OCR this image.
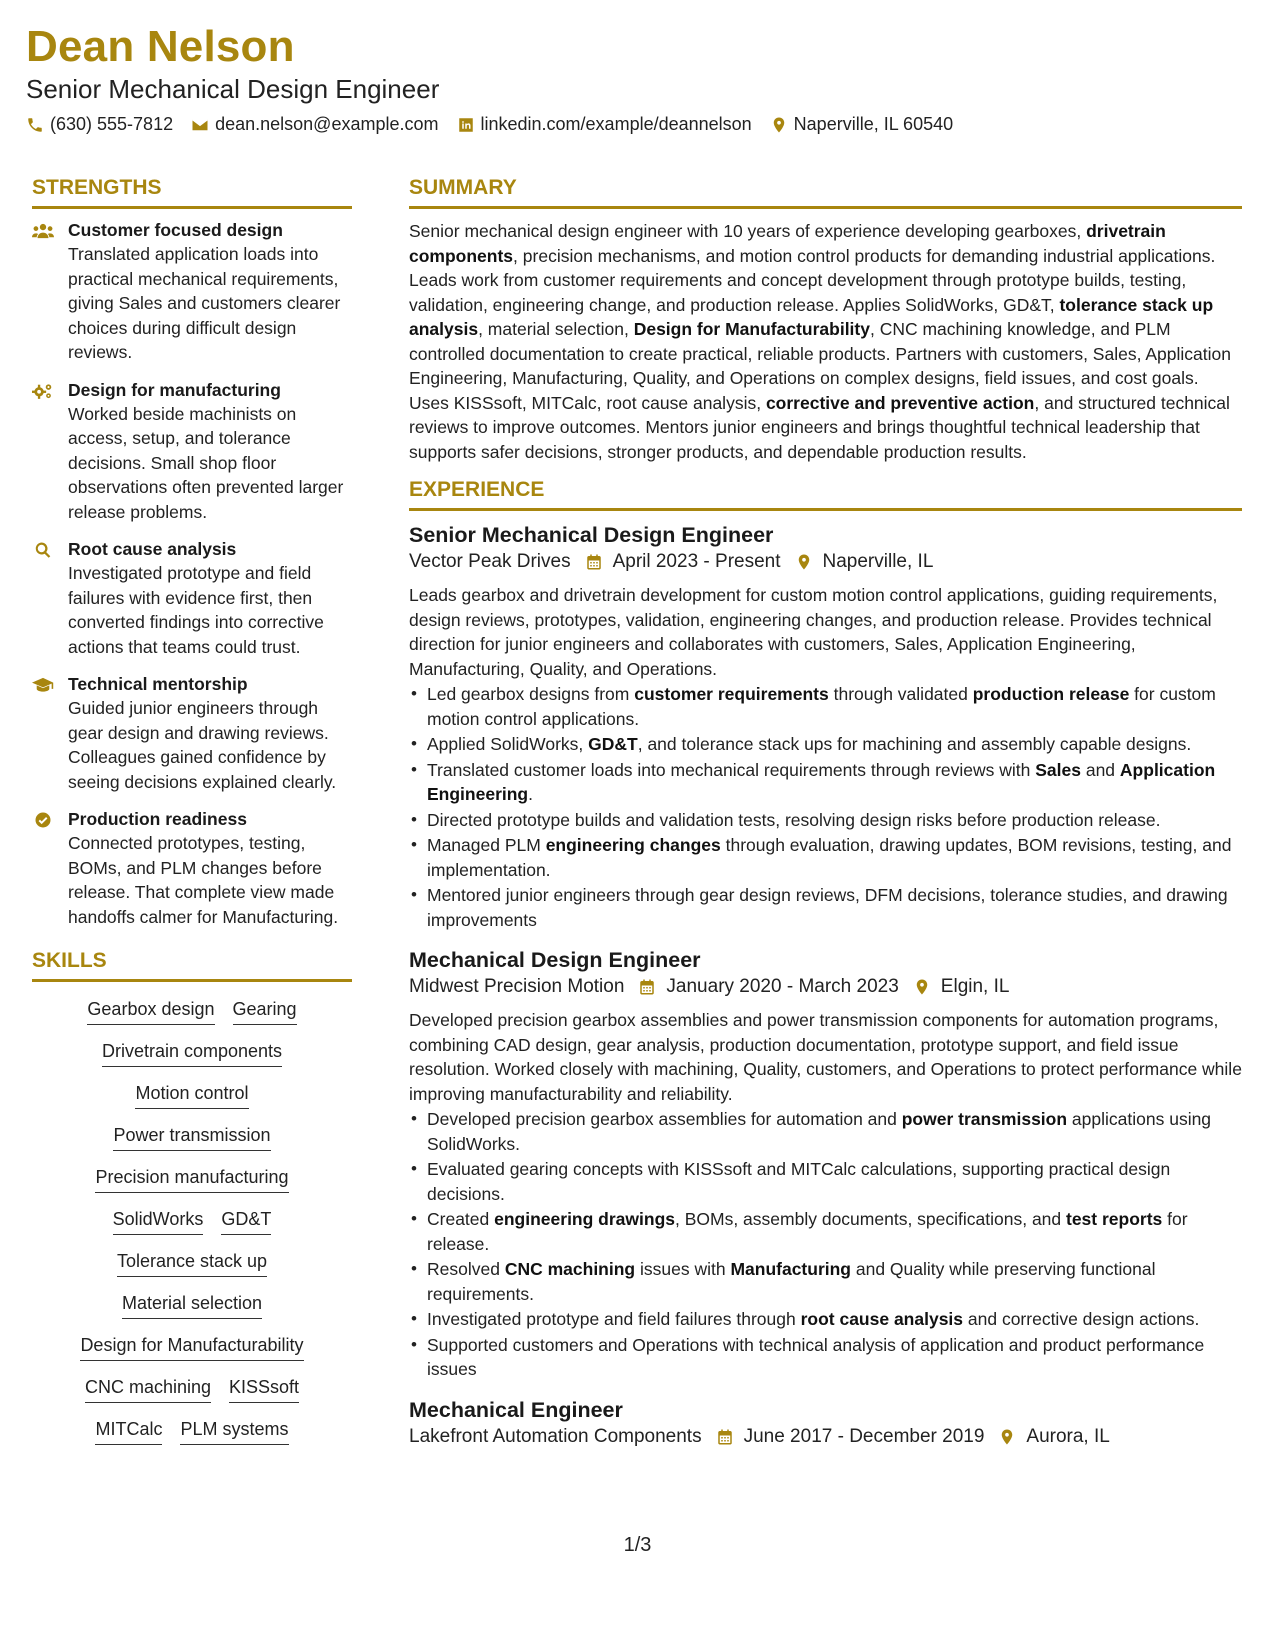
Dean Nelson
Senior Mechanical Design Engineer
(630) 555-7812 dean.nelson@example.com linkedin.com/example/deannelson Naperville, IL 60540
STRENGTHS
Customer focused design
Translated application loads into practical mechanical requirements, giving Sales and customers clearer choices during difficult design reviews.
Design for manufacturing
Worked beside machinists on access, setup, and tolerance decisions. Small shop floor observations often prevented larger release problems.
Root cause analysis
Investigated prototype and field failures with evidence first, then converted findings into corrective actions that teams could trust.
Technical mentorship
Guided junior engineers through gear design and drawing reviews. Colleagues gained confidence by seeing decisions explained clearly.
Production readiness
Connected prototypes, testing, BOMs, and PLM changes before release. That complete view made handoffs calmer for Manufacturing.
SKILLS
Gearbox design Gearing
Drivetrain components
Motion control
Power transmission
Precision manufacturing
SolidWorks GD&T
Tolerance stack up
Material selection
Design for Manufacturability
CNC machining KISSsoft
MITCalc PLM systems
SUMMARY

Senior mechanical design engineer with 10 years of experience developing gearboxes, drivetrain components, precision mechanisms, and motion control products for demanding industrial applications. Leads work from customer requirements and concept development through prototype builds, testing, validation, engineering change, and production release. Applies SolidWorks, GD&T, tolerance stack up analysis, material selection, Design for Manufacturability, CNC machining knowledge, and PLM controlled documentation to create practical, reliable products. Partners with customers, Sales, Application Engineering, Manufacturing, Quality, and Operations on complex designs, field issues, and cost goals. Uses KISSsoft, MITCalc, root cause analysis, corrective and preventive action, and structured technical reviews to improve outcomes. Mentors junior engineers and brings thoughtful technical leadership that supports safer decisions, stronger products, and dependable production results.

EXPERIENCE
Senior Mechanical Design Engineer
Vector Peak Drives April 2023 - Present Naperville, IL
Leads gearbox and drivetrain development for custom motion control applications, guiding requirements, design reviews, prototypes, validation, engineering changes, and production release. Provides technical direction for junior engineers and collaborates with customers, Sales, Application Engineering, Manufacturing, Quality, and Operations.
• Led gearbox designs from customer requirements through validated production release for custom motion control applications.
• Applied SolidWorks, GD&T, and tolerance stack ups for machining and assembly capable designs.
• Translated customer loads into mechanical requirements through reviews with Sales and Application Engineering.
• Directed prototype builds and validation tests, resolving design risks before production release.
• Managed PLM engineering changes through evaluation, drawing updates, BOM revisions, testing, and implementation.
• Mentored junior engineers through gear design reviews, DFM decisions, tolerance studies, and drawing improvements
Mechanical Design Engineer
Midwest Precision Motion January 2020 - March 2023 Elgin, IL
Developed precision gearbox assemblies and power transmission components for automation programs, combining CAD design, gear analysis, production documentation, prototype support, and field issue resolution. Worked closely with machining, Quality, customers, and Operations to protect performance while improving manufacturability and reliability.
• Developed precision gearbox assemblies for automation and power transmission applications using SolidWorks.
• Evaluated gearing concepts with KISSsoft and MITCalc calculations, supporting practical design decisions.
• Created engineering drawings, BOMs, assembly documents, specifications, and test reports for release.
• Resolved CNC machining issues with Manufacturing and Quality while preserving functional requirements.
• Investigated prototype and field failures through root cause analysis and corrective design actions.
• Supported customers and Operations with technical analysis of application and product performance issues
Mechanical Engineer
Lakefront Automation Components June 2017 - December 2019 Aurora, IL
1/3
